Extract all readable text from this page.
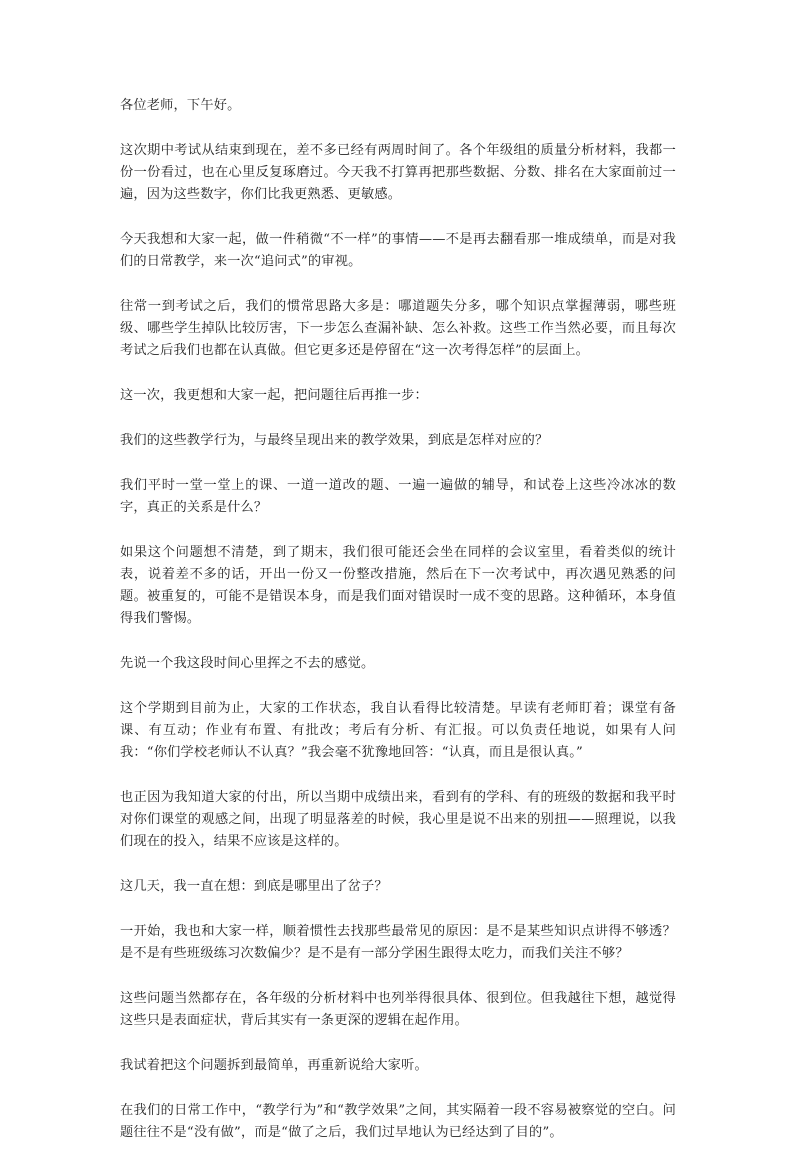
各位老师，下午好。

这次期中考试从结束到现在，差不多已经有两周时间了。各个年级组的质量分析材料，我都一份一份看过，也在心里反复琢磨过。今天我不打算再把那些数据、分数、排名在大家面前过一遍，因为这些数字，你们比我更熟悉、更敏感。

今天我想和大家一起，做一件稍微“不一样”的事情——不是再去翻看那一堆成绩单，而是对我们的日常教学，来一次“追问式”的审视。

往常一到考试之后，我们的惯常思路大多是：哪道题失分多，哪个知识点掌握薄弱，哪些班级、哪些学生掉队比较厉害，下一步怎么查漏补缺、怎么补救。这些工作当然必要，而且每次考试之后我们也都在认真做。但它更多还是停留在“这一次考得怎样”的层面上。

这一次，我更想和大家一起，把问题往后再推一步：

我们的这些教学行为，与最终呈现出来的教学效果，到底是怎样对应的？

我们平时一堂一堂上的课、一道一道改的题、一遍一遍做的辅导，和试卷上这些冷冰冰的数字，真正的关系是什么？

如果这个问题想不清楚，到了期末，我们很可能还会坐在同样的会议室里，看着类似的统计表，说着差不多的话，开出一份又一份整改措施，然后在下一次考试中，再次遇见熟悉的问题。被重复的，可能不是错误本身，而是我们面对错误时一成不变的思路。这种循环，本身值得我们警惕。

先说一个我这段时间心里挥之不去的感觉。

这个学期到目前为止，大家的工作状态，我自认看得比较清楚。早读有老师盯着；课堂有备课、有互动；作业有布置、有批改；考后有分析、有汇报。可以负责任地说，如果有人问我：“你们学校老师认不认真？”我会毫不犹豫地回答：“认真，而且是很认真。”

也正因为我知道大家的付出，所以当期中成绩出来，看到有的学科、有的班级的数据和我平时对你们课堂的观感之间，出现了明显落差的时候，我心里是说不出来的别扭——照理说，以我们现在的投入，结果不应该是这样的。

这几天，我一直在想：到底是哪里出了岔子？

一开始，我也和大家一样，顺着惯性去找那些最常见的原因：是不是某些知识点讲得不够透？是不是有些班级练习次数偏少？是不是有一部分学困生跟得太吃力，而我们关注不够？

这些问题当然都存在，各年级的分析材料中也列举得很具体、很到位。但我越往下想，越觉得这些只是表面症状，背后其实有一条更深的逻辑在起作用。

我试着把这个问题拆到最简单，再重新说给大家听。

在我们的日常工作中，“教学行为”和“教学效果”之间，其实隔着一段不容易被察觉的空白。问题往往不是“没有做”，而是“做了之后，我们过早地认为已经达到了目的”。
